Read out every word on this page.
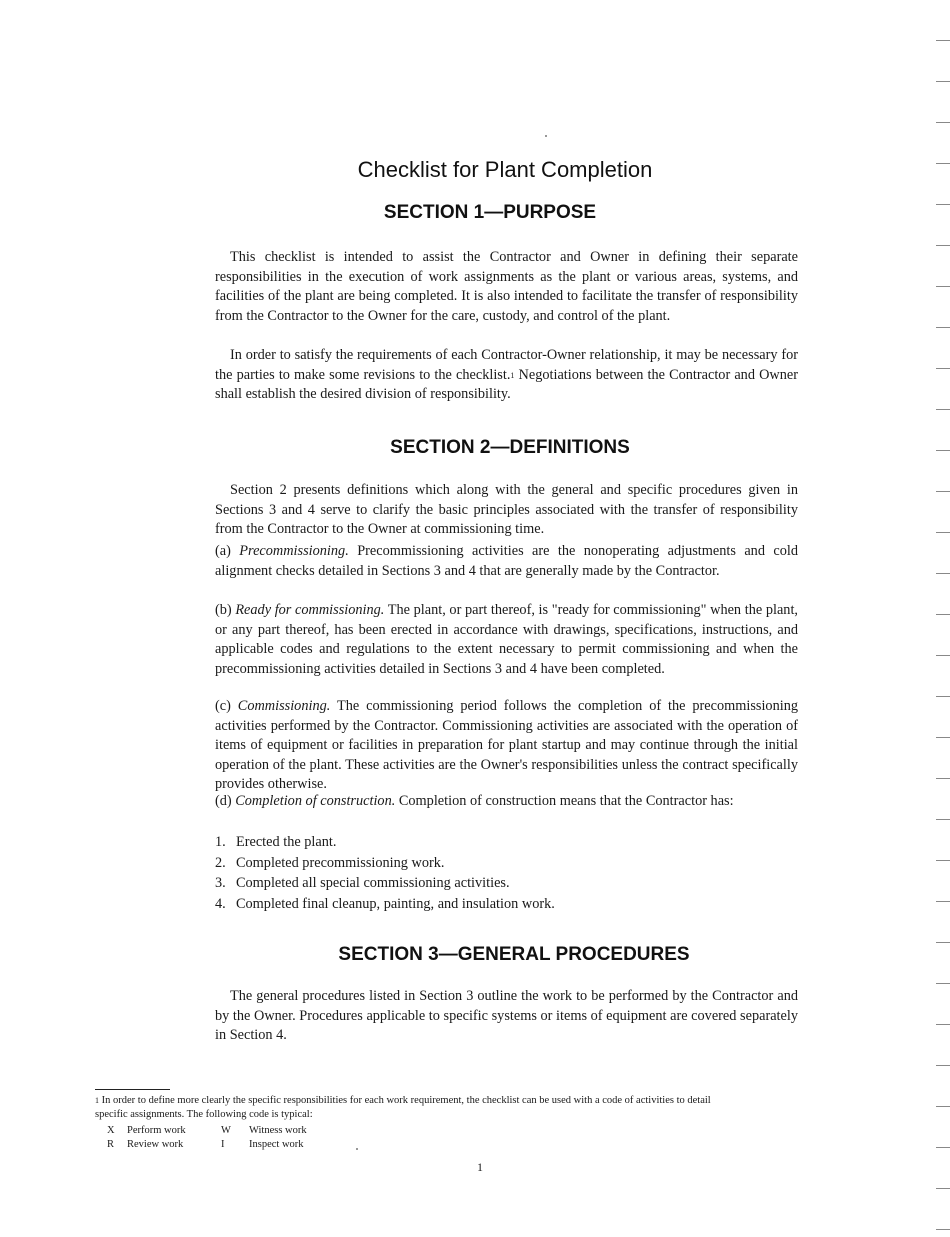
Checklist for Plant Completion
SECTION 1—PURPOSE

This checklist is intended to assist the Contractor and Owner in defining their separate responsibilities in the execution of work assignments as the plant or various areas, systems, and facilities of the plant are being completed. It is also intended to facilitate the transfer of responsibility from the Contractor to the Owner for the care, custody, and control of the plant.

In order to satisfy the requirements of each Contractor-Owner relationship, it may be necessary for the parties to make some revisions to the checklist.$^1$ Negotiations between the Contractor and Owner shall establish the desired division of responsibility.

SECTION 2—DEFINITIONS

Section 2 presents definitions which along with the general and specific procedures given in Sections 3 and 4 serve to clarify the basic principles associated with the transfer of responsibility from the Contractor to the Owner at commissioning time.

(a) Precommissioning. Precommissioning activities are the nonoperating adjustments and cold alignment checks detailed in Sections 3 and 4 that are generally made by the Contractor.

(b) Ready for commissioning. The plant, or part thereof, is "ready for commissioning" when the plant, or any part thereof, has been erected in accordance with drawings, specifications, instructions, and applicable codes and regulations to the extent necessary to permit commissioning and when the precommissioning activities detailed in Sections 3 and 4 have been completed.

(c) Commissioning. The commissioning period follows the completion of the precommissioning activities performed by the Contractor. Commissioning activities are associated with the operation of items of equipment or facilities in preparation for plant startup and may continue through the initial operation of the plant. These activities are the Owner's responsibilities unless the contract specifically provides otherwise.

(d) Completion of construction. Completion of construction means that the Contractor has:

1. Erected the plant.
2. Completed precommissioning work.
3. Completed all special commissioning activities.
4. Completed final cleanup, painting, and insulation work.
SECTION 3—GENERAL PROCEDURES

The general procedures listed in Section 3 outline the work to be performed by the Contractor and by the Owner. Procedures applicable to specific systems or items of equipment are covered separately in Section 4.

$^1$ In order to define more clearly the specific responsibilities for each work requirement, the checklist can be used with a code of activities to detail specific assignments. The following code is typical:

X Perform work	W Witness work
R Review work	I Inspect work
1
